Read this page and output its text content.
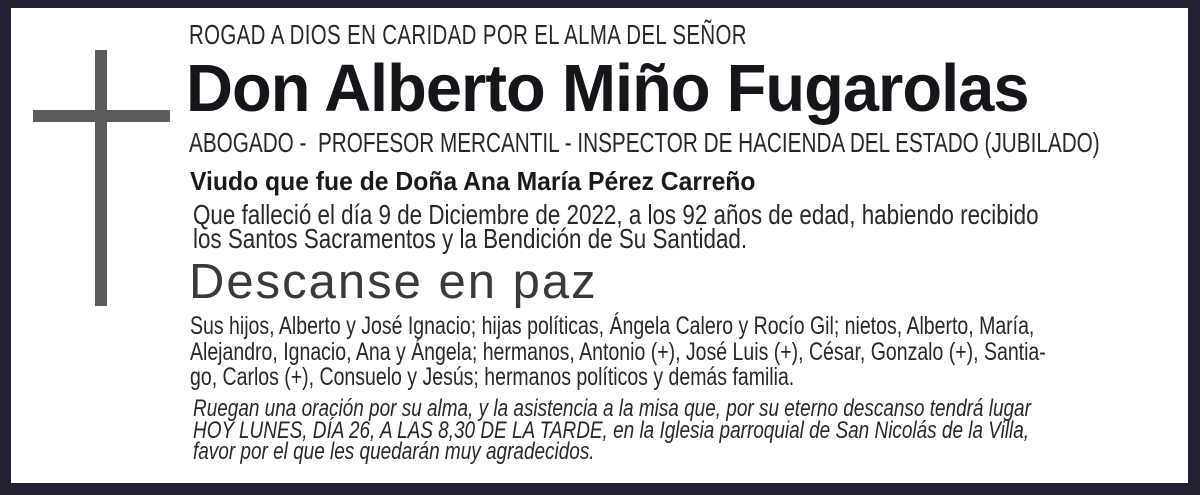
ROGAD A DIOS EN CARIDAD POR EL ALMA DEL SEÑOR
Don Alberto Miño Fugarolas
ABOGADO -  PROFESOR MERCANTIL - INSPECTOR DE HACIENDA DEL ESTADO (JUBILADO)
Viudo que fue de Doña Ana María Pérez Carreño
Que falleció el día 9 de Diciembre de 2022, a los 92 años de edad, habiendo recibido
los Santos Sacramentos y la Bendición de Su Santidad.
Descanse en paz
Sus hijos, Alberto y José Ignacio; hijas políticas, Ángela Calero y Rocío Gil; nietos, Alberto, María,
Alejandro, Ignacio, Ana y Ángela; hermanos, Antonio (+), José Luis (+), César, Gonzalo (+), Santia-
go, Carlos (+), Consuelo y Jesús; hermanos políticos y demás familia.
Ruegan una oración por su alma, y la asistencia a la misa que, por su eterno descanso tendrá lugar
HOY LUNES, DÍA 26, A LAS 8,30 DE LA TARDE, en la Iglesia parroquial de San Nicolás de la Villa,
favor por el que les quedarán muy agradecidos.
